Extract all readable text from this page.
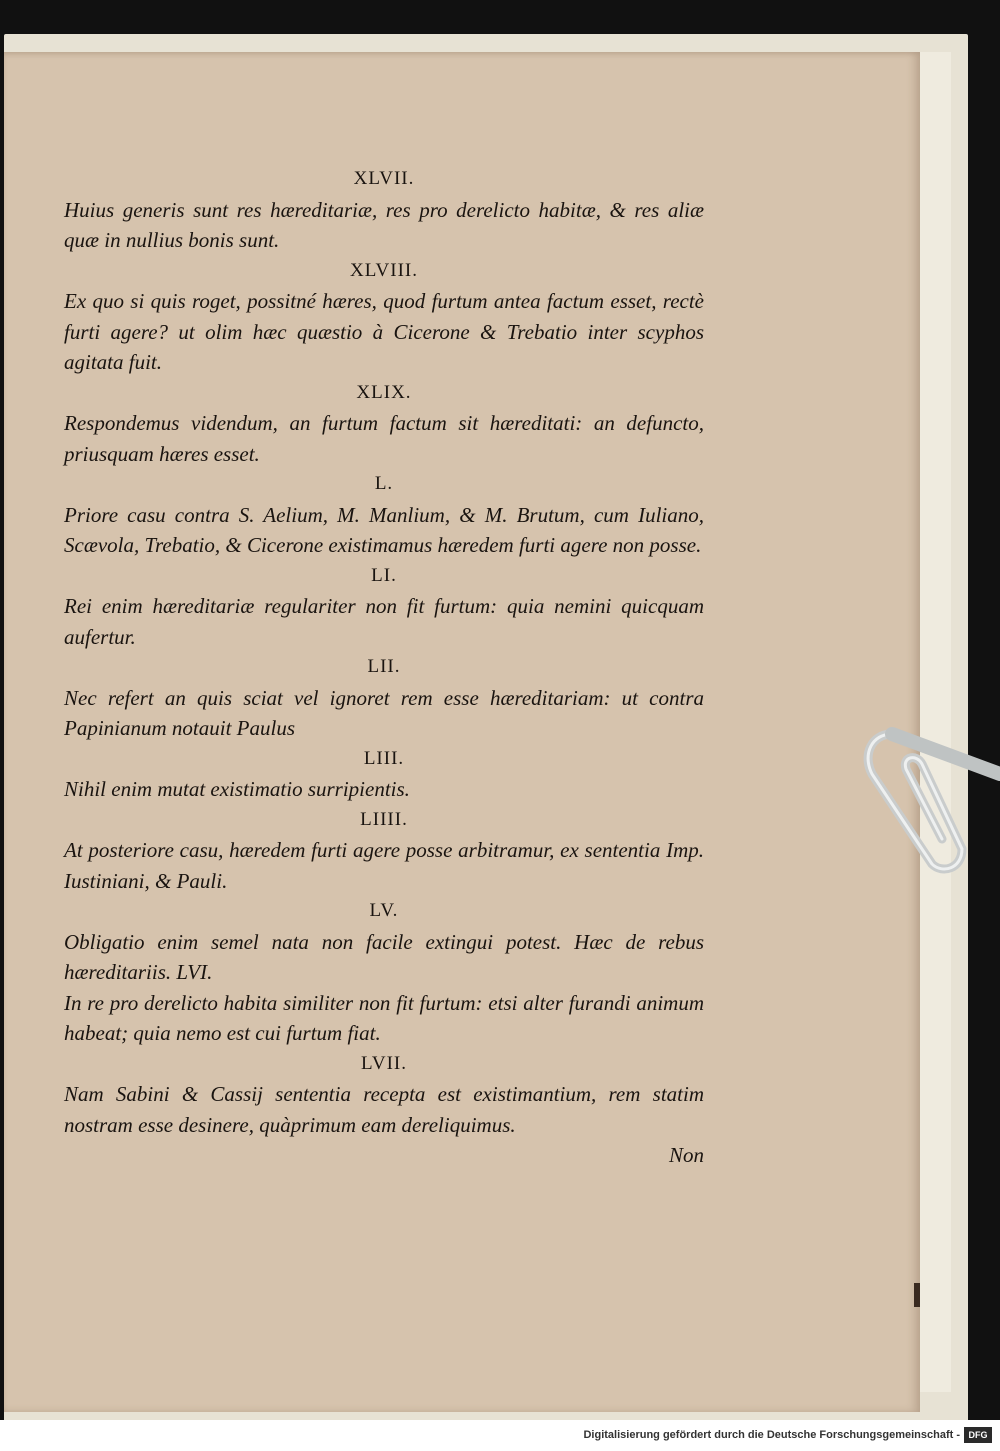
XLVII.
Huius generis sunt res hæreditariæ, res pro derelicto habitæ, & res aliæ quæ in nullius bonis sunt.
XLVIII.
Ex quo si quis roget, possitné hæres, quod furtum antea factum esset, rectè furti agere? ut olim hæc quæstio à Cicerone & Trebatio inter scyphos agitata fuit.
XLIX.
Respondemus videndum, an furtum factum sit hæreditati: an defuncto, priusquam hæres esset.
L.
Priore casu contra S. Aelium, M. Manlium, & M. Brutum, cum Iuliano, Scævola, Trebatio, & Cicerone existimamus hæredem furti agere non posse.
LI.
Rei enim hæreditariæ regulariter non fit furtum: quia nemini quicquam aufertur.
LII.
Nec refert an quis sciat vel ignoret rem esse hæreditariam: ut contra Papinianum notauit Paulus
LIII.
Nihil enim mutat existimatio surripientis.
LIIII.
At posteriore casu, hæredem furti agere posse arbitramur, ex sententia Imp. Iustiniani, & Pauli.
LV.
Obligatio enim semel nata non facile extingui potest. Hæc de rebus hæreditariis. LVI.
In re pro derelicto habita similiter non fit furtum: etsi alter furandi animum habeat; quia nemo est cui furtum fiat.
LVII.
Nam Sabini & Cassij sententia recepta est existimantium, rem statim nostram esse desinere, quàprimum eam dereliquimus.
Non
Digitalisierung gefördert durch die Deutsche Forschungsgemeinschaft - DFG
